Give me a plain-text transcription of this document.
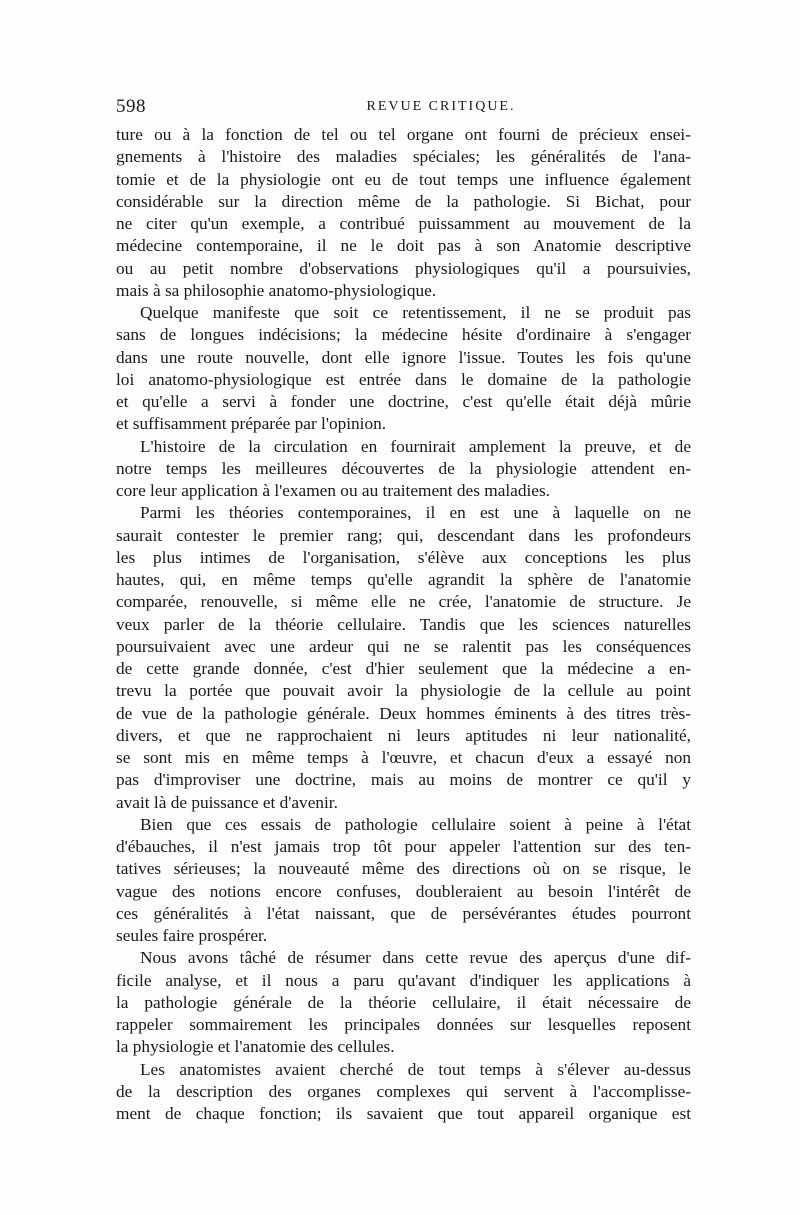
598	REVUE CRITIQUE.
ture ou à la fonction de tel ou tel organe ont fourni de précieux ensei-
gnements à l'histoire des maladies spéciales; les généralités de l'ana-
tomie et de la physiologie ont eu de tout temps une influence également
considérable sur la direction même de la pathologie. Si Bichat, pour
ne citer qu'un exemple, a contribué puissamment au mouvement de la
médecine contemporaine, il ne le doit pas à son Anatomie descriptive
ou au petit nombre d'observations physiologiques qu'il a poursuivies,
mais à sa philosophie anatomo-physiologique.
Quelque manifeste que soit ce retentissement, il ne se produit pas
sans de longues indécisions; la médecine hésite d'ordinaire à s'engager
dans une route nouvelle, dont elle ignore l'issue. Toutes les fois qu'une
loi anatomo-physiologique est entrée dans le domaine de la pathologie
et qu'elle a servi à fonder une doctrine, c'est qu'elle était déjà mûrie
et suffisamment préparée par l'opinion.
L'histoire de la circulation en fournirait amplement la preuve, et de
notre temps les meilleures découvertes de la physiologie attendent en-
core leur application à l'examen ou au traitement des maladies.
Parmi les théories contemporaines, il en est une à laquelle on ne
saurait contester le premier rang; qui, descendant dans les profondeurs
les plus intimes de l'organisation, s'élève aux conceptions les plus
hautes, qui, en même temps qu'elle agrandit la sphère de l'anatomie
comparée, renouvelle, si même elle ne crée, l'anatomie de structure. Je
veux parler de la théorie cellulaire. Tandis que les sciences naturelles
poursuivaient avec une ardeur qui ne se ralentit pas les conséquences
de cette grande donnée, c'est d'hier seulement que la médecine a en-
trevu la portée que pouvait avoir la physiologie de la cellule au point
de vue de la pathologie générale. Deux hommes éminents à des titres très-
divers, et que ne rapprochaient ni leurs aptitudes ni leur nationalité,
se sont mis en même temps à l'œuvre, et chacun d'eux a essayé non
pas d'improviser une doctrine, mais au moins de montrer ce qu'il y
avait là de puissance et d'avenir.
Bien que ces essais de pathologie cellulaire soient à peine à l'état
d'ébauches, il n'est jamais trop tôt pour appeler l'attention sur des ten-
tatives sérieuses; la nouveauté même des directions où on se risque, le
vague des notions encore confuses, doubleraient au besoin l'intérêt de
ces généralités à l'état naissant, que de persévérantes études pourront
seules faire prospérer.
Nous avons tâché de résumer dans cette revue des aperçus d'une dif-
ficile analyse, et il nous a paru qu'avant d'indiquer les applications à
la pathologie générale de la théorie cellulaire, il était nécessaire de
rappeler sommairement les principales données sur lesquelles reposent
la physiologie et l'anatomie des cellules.
Les anatomistes avaient cherché de tout temps à s'élever au-dessus
de la description des organes complexes qui servent à l'accomplisse-
ment de chaque fonction; ils savaient que tout appareil organique est
